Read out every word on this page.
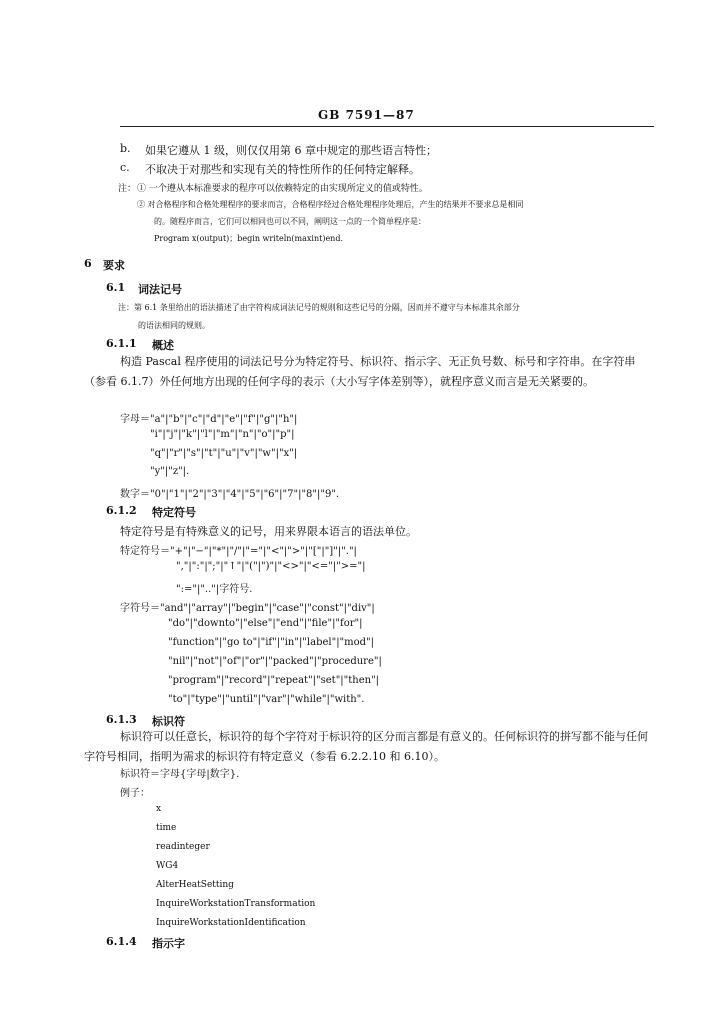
GB 7591—87
b. 如果它遵从 1 级，则仅仅用第 6 章中规定的那些语言特性；
c. 不取决于对那些和实现有关的特性所作的任何特定解释。
注： ① 一个遵从本标准要求的程序可以依赖特定的由实现所定义的值或特性。
② 对合格程序和合格处理程序的要求而言，合格程序经过合格处理程序处理后，产生的结果并不要求总是相同
的。随程序而言，它们可以相同也可以不同，阐明这一点的一个简单程序是：
Program x(output)；begin writeln(maxint)end.
6 要求
6.1 词法记号
注：第 6.1 条里给出的语法描述了由字符构成词法记号的规则和这些记号的分隔，因而并不遵守与本标准其余部分
的语法相同的规则。
6.1.1 概述
构造 Pascal 程序使用的词法记号分为特定符号、标识符、指示字、无正负号数、标号和字符串。在字符串（参看 6.1.7）外任何地方出现的任何字母的表示（大小写字体差别等），就程序意义而言是无关紧要的。
字母＝"a"|"b"|"c"|"d"|"e"|"f"|"g"|"h"|
"i"|"j"|"k"|"l"|"m"|"n"|"o"|"p"|
"q"|"r"|"s"|"t"|"u"|"v"|"w"|"x"|
"y"|"z"|.
数字＝"0"|"1"|"2"|"3"|"4"|"5"|"6"|"7"|"8"|"9".
6.1.2 特定符号
特定符号是有特殊意义的记号，用来界限本语言的语法单位。
特定符号＝"+"|"−"|"*"|"/"|"="|"<"|">"|"["|"]"|"."|
","|":"|";"|"↑"|"("|")"|"<>"|"<="|">="|
":="|".."|字符号.
字符号＝"and"|"array"|"begin"|"case"|"const"|"div"|
"do"|"downto"|"else"|"end"|"file"|"for"|
"function"|"go to"|"if"|"in"|"label"|"mod"|
"nil"|"not"|"of"|"or"|"packed"|"procedure"|
"program"|"record"|"repeat"|"set"|"then"|
"to"|"type"|"until"|"var"|"while"|"with".
6.1.3 标识符
标识符可以任意长，标识符的每个字符对于标识符的区分而言都是有意义的。任何标识符的拼写都不能与任何字符号相同，指明为需求的标识符有特定意义（参看 6.2.2.10 和 6.10）。
标识符＝字母{字母|数字}.
例子：
x
time
readinteger
WG4
AlterHeatSetting
InquireWorkstationTransformation
InquireWorkstationIdentification
6.1.4 指示字
